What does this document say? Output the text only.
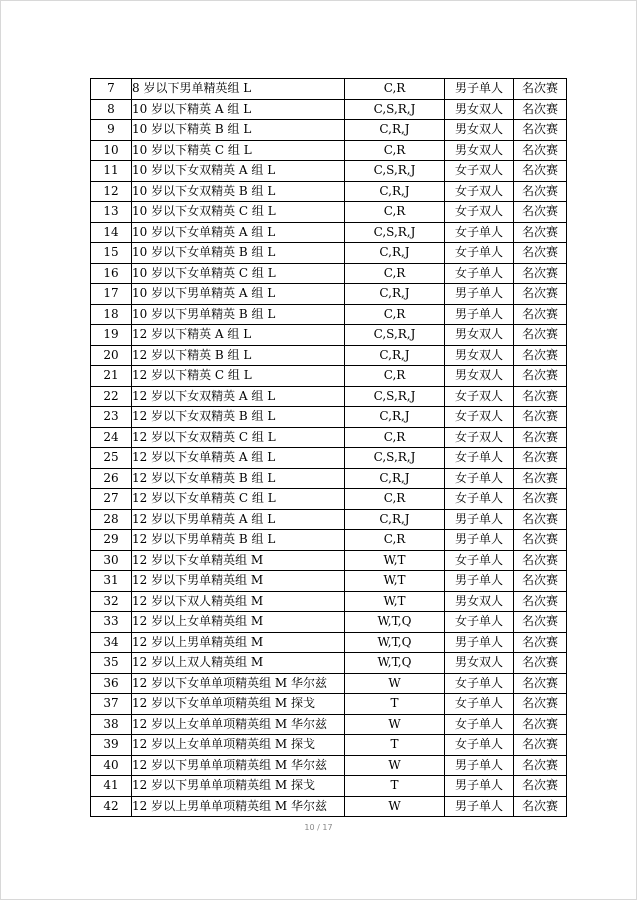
7	8 岁以下男单精英组 L	C,R	男子单人	名次赛
8	10 岁以下精英 A 组 L	C,S,R,J	男女双人	名次赛
9	10 岁以下精英 B 组 L	C,R,J	男女双人	名次赛
10	10 岁以下精英 C 组 L	C,R	男女双人	名次赛
11	10 岁以下女双精英 A 组 L	C,S,R,J	女子双人	名次赛
12	10 岁以下女双精英 B 组 L	C,R,J	女子双人	名次赛
13	10 岁以下女双精英 C 组 L	C,R	女子双人	名次赛
14	10 岁以下女单精英 A 组 L	C,S,R,J	女子单人	名次赛
15	10 岁以下女单精英 B 组 L	C,R,J	女子单人	名次赛
16	10 岁以下女单精英 C 组 L	C,R	女子单人	名次赛
17	10 岁以下男单精英 A 组 L	C,R,J	男子单人	名次赛
18	10 岁以下男单精英 B 组 L	C,R	男子单人	名次赛
19	12 岁以下精英 A 组 L	C,S,R,J	男女双人	名次赛
20	12 岁以下精英 B 组 L	C,R,J	男女双人	名次赛
21	12 岁以下精英 C 组 L	C,R	男女双人	名次赛
22	12 岁以下女双精英 A 组 L	C,S,R,J	女子双人	名次赛
23	12 岁以下女双精英 B 组 L	C,R,J	女子双人	名次赛
24	12 岁以下女双精英 C 组 L	C,R	女子双人	名次赛
25	12 岁以下女单精英 A 组 L	C,S,R,J	女子单人	名次赛
26	12 岁以下女单精英 B 组 L	C,R,J	女子单人	名次赛
27	12 岁以下女单精英 C 组 L	C,R	女子单人	名次赛
28	12 岁以下男单精英 A 组 L	C,R,J	男子单人	名次赛
29	12 岁以下男单精英 B 组 L	C,R	男子单人	名次赛
30	12 岁以下女单精英组 M	W,T	女子单人	名次赛
31	12 岁以下男单精英组 M	W,T	男子单人	名次赛
32	12 岁以下双人精英组 M	W,T	男女双人	名次赛
33	12 岁以上女单精英组 M	W,T,Q	女子单人	名次赛
34	12 岁以上男单精英组 M	W,T,Q	男子单人	名次赛
35	12 岁以上双人精英组 M	W,T,Q	男女双人	名次赛
36	12 岁以下女单单项精英组 M 华尔兹	W	女子单人	名次赛
37	12 岁以下女单单项精英组 M 探戈	T	女子单人	名次赛
38	12 岁以上女单单项精英组 M 华尔兹	W	女子单人	名次赛
39	12 岁以上女单单项精英组 M 探戈	T	女子单人	名次赛
40	12 岁以下男单单项精英组 M 华尔兹	W	男子单人	名次赛
41	12 岁以下男单单项精英组 M 探戈	T	男子单人	名次赛
42	12 岁以上男单单项精英组 M 华尔兹	W	男子单人	名次赛
10 / 17
